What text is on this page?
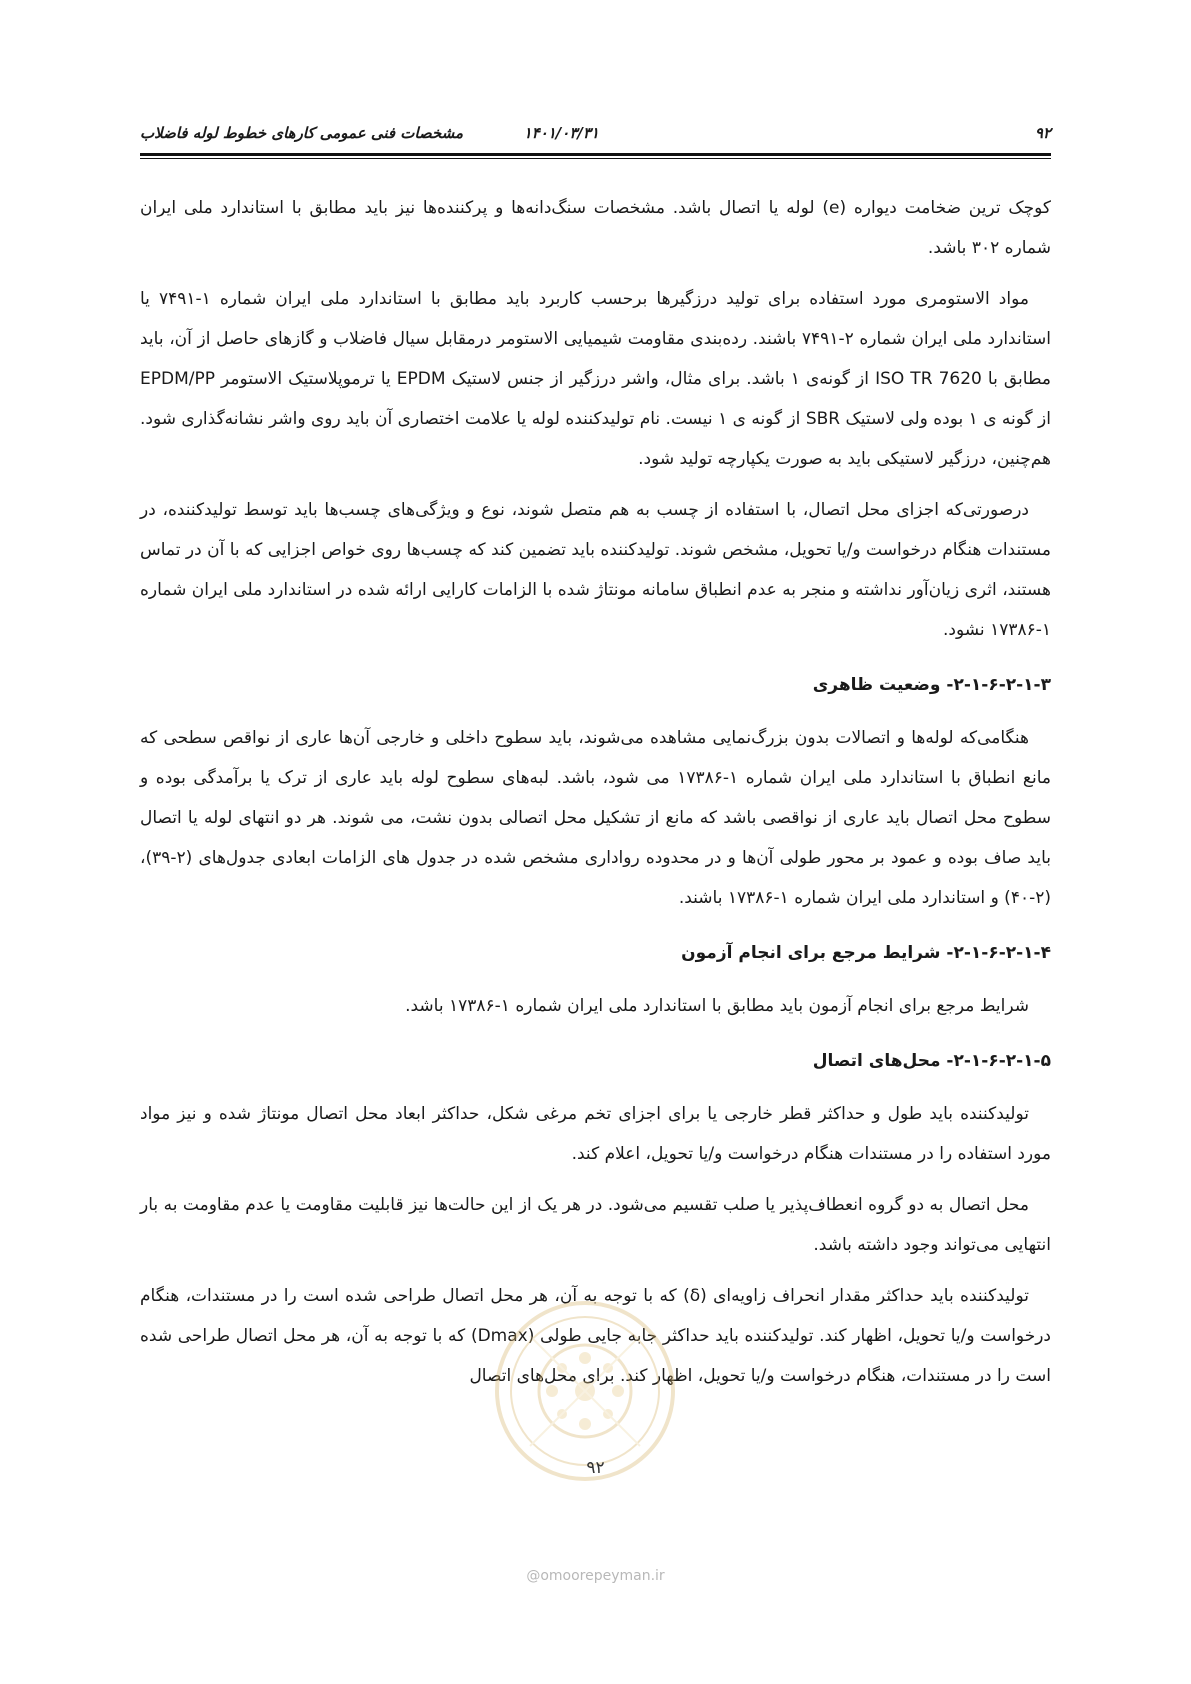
۹۲
۱۴۰۱/۰۳/۳۱
مشخصات فنی عمومی کارهای خطوط لوله فاضلاب

کوچک ترین ضخامت دیواره (e) لوله یا اتصال باشد. مشخصات سنگ‌دانه‌ها و پرکننده‌ها نیز باید مطابق با استاندارد ملی ایران شماره ۳۰۲ باشد.

مواد الاستومری مورد استفاده برای تولید درزگیرها برحسب کاربرد باید مطابق با استاندارد ملی ایران شماره ۱-۷۴۹۱ یا استاندارد ملی ایران شماره ۲-۷۴۹۱ باشند. رده‌بندی مقاومت شیمیایی الاستومر درمقابل سیال فاضلاب و گازهای حاصل از آن، باید مطابق با ISO TR 7620 از گونه‌ی ۱ باشد. برای مثال، واشر درزگیر از جنس لاستیک EPDM یا ترموپلاستیک الاستومر EPDM/PP از گونه ی ۱ بوده ولی لاستیک SBR از گونه ی ۱ نیست. نام تولیدکننده لوله یا علامت اختصاری آن باید روی واشر نشانه‌گذاری شود. هم‌چنین، درزگیر لاستیکی باید به صورت یکپارچه تولید شود.

درصورتی‌که اجزای محل اتصال، با استفاده از چسب به هم متصل شوند، نوع و ویژگی‌های چسب‌ها باید توسط تولیدکننده، در مستندات هنگام درخواست و/یا تحویل، مشخص شوند. تولیدکننده باید تضمین کند که چسب‌ها روی خواص اجزایی که با آن در تماس هستند، اثری زیان‌آور نداشته و منجر به عدم انطباق سامانه مونتاژ شده با الزامات کارایی ارائه شده در استاندارد ملی ایران شماره ۱-۱۷۳۸۶ نشود.

۲-۱-۶-۲-۱-۳- وضعیت ظاهری

هنگامی‌که لوله‌ها و اتصالات بدون بزرگ‌نمایی مشاهده می‌شوند، باید سطوح داخلی و خارجی آن‌ها عاری از نواقص سطحی که مانع انطباق با استاندارد ملی ایران شماره ۱-۱۷۳۸۶ می شود، باشد. لبه‌های سطوح لوله باید عاری از ترک یا برآمدگی بوده و سطوح محل اتصال باید عاری از نواقصی باشد که مانع از تشکیل محل اتصالی بدون نشت، می شوند. هر دو انتهای لوله یا اتصال باید صاف بوده و عمود بر محور طولی آن‌ها و در محدوده رواداری مشخص شده در جدول های الزامات ابعادی جدول‌های (۲-۳۹)، (۲-۴۰) و استاندارد ملی ایران شماره ۱-۱۷۳۸۶ باشند.

۲-۱-۶-۲-۱-۴- شرایط مرجع برای انجام آزمون

شرایط مرجع برای انجام آزمون باید مطابق با استاندارد ملی ایران شماره ۱-۱۷۳۸۶ باشد.

۲-۱-۶-۲-۱-۵- محل‌های اتصال

تولیدکننده باید طول و حداکثر قطر خارجی یا برای اجزای تخم مرغی شکل، حداکثر ابعاد محل اتصال مونتاژ شده و نیز مواد مورد استفاده را در مستندات هنگام درخواست و/یا تحویل، اعلام کند.

محل اتصال به دو گروه انعطاف‌پذیر یا صلب تقسیم می‌شود. در هر یک از این حالت‌ها نیز قابلیت مقاومت یا عدم مقاومت به بار انتهایی می‌تواند وجود داشته باشد.

تولیدکننده باید حداکثر مقدار انحراف زاویه‌ای (δ) که با توجه به آن، هر محل اتصال طراحی شده است را در مستندات، هنگام درخواست و/یا تحویل، اظهار کند. تولیدکننده باید حداکثر جابه جایی طولی (Dmax) که با توجه به آن، هر محل اتصال طراحی شده است را در مستندات، هنگام درخواست و/یا تحویل، اظهار کند. برای محل‌های اتصال

۹۲
@omoorepeyman.ir
